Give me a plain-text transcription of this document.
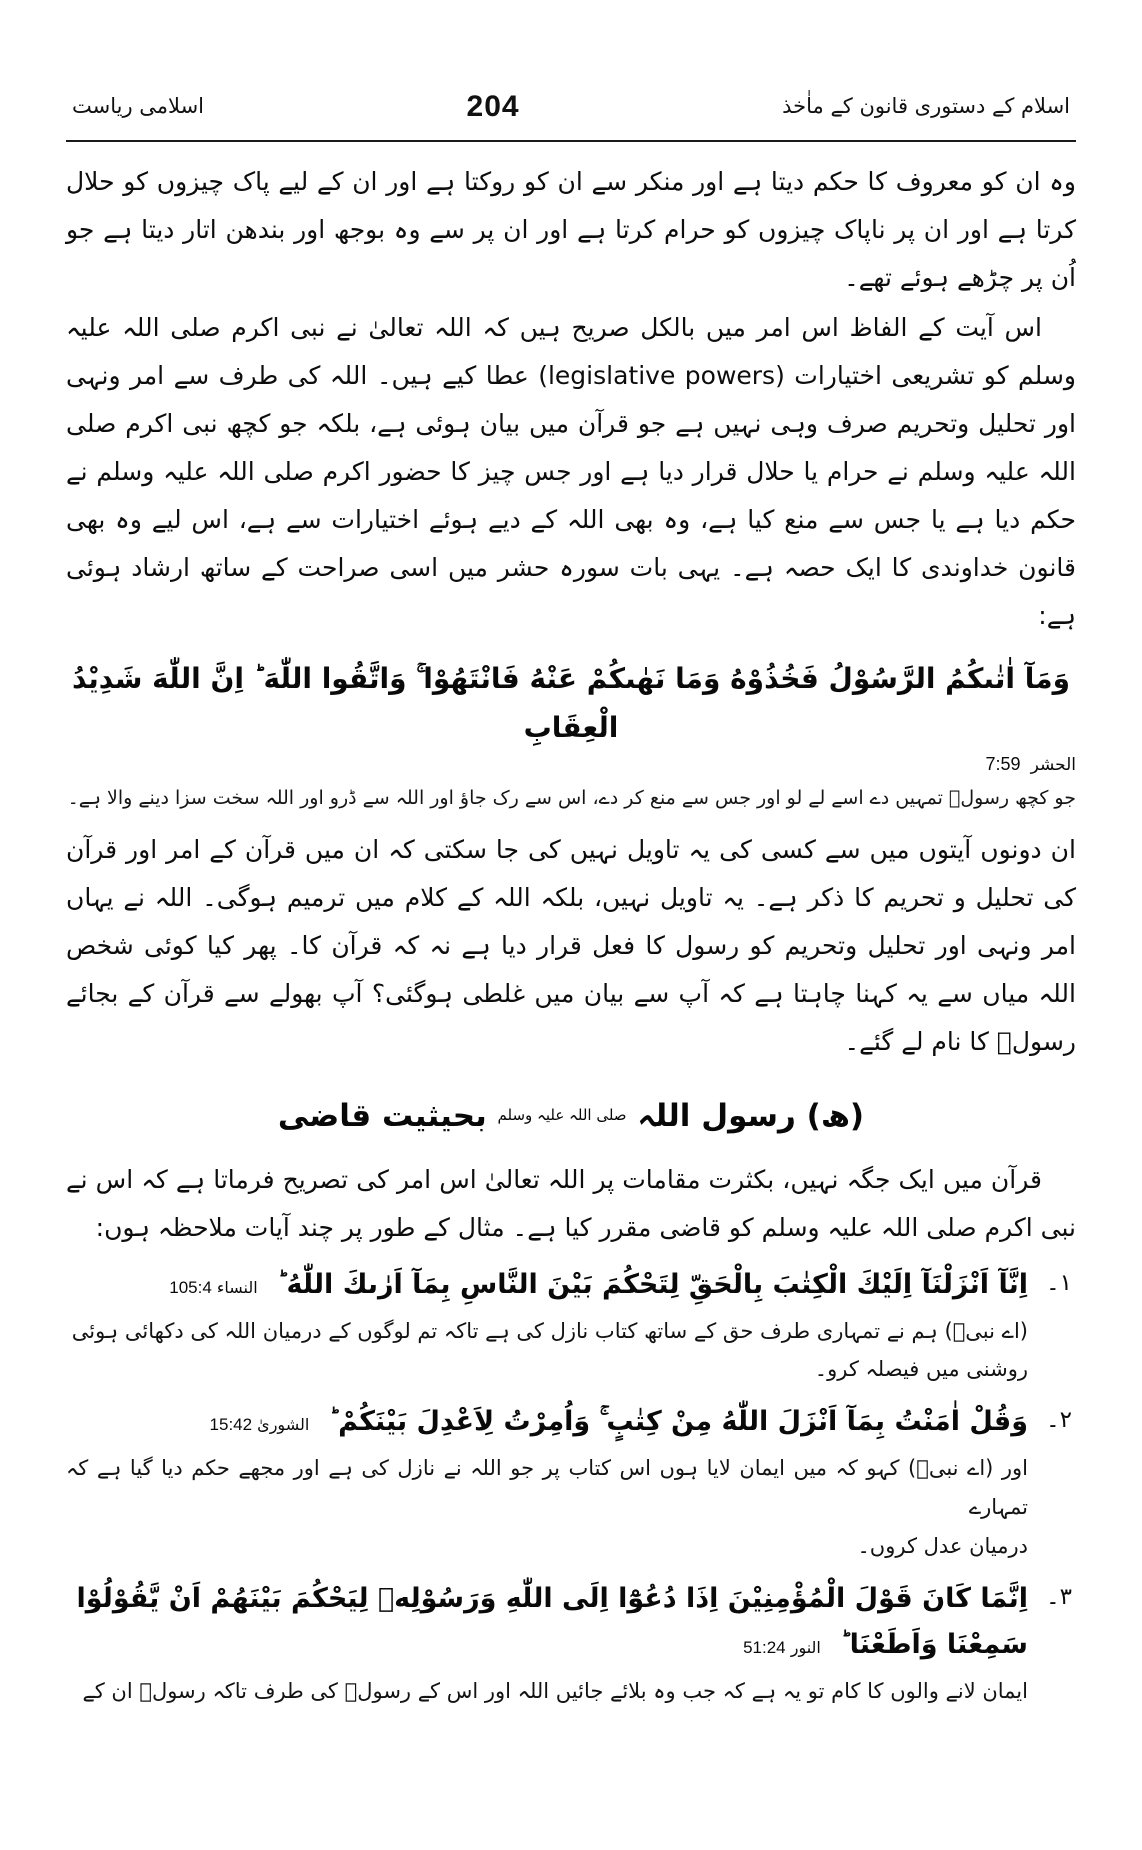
اسلام کے دستوری قانون کے ماٰخذ
204
اسلامی ریاست

وہ ان کو معروف کا حکم دیتا ہے اور منکر سے ان کو روکتا ہے اور ان کے لیے پاک چیزوں کو حلال کرتا ہے اور ان پر ناپاک چیزوں کو حرام کرتا ہے اور ان پر سے وہ بوجھ اور بندھن اتار دیتا ہے جو اُن پر چڑھے ہوئے تھے۔

اس آیت کے الفاظ اس امر میں بالکل صریح ہیں کہ اللہ تعالیٰ نے نبی اکرم صلی اللہ علیہ وسلم کو تشریعی اختیارات (legislative powers) عطا کیے ہیں۔ اللہ کی طرف سے امر ونہی اور تحلیل وتحریم صرف وہی نہیں ہے جو قرآن میں بیان ہوئی ہے، بلکہ جو کچھ نبی اکرم صلی اللہ علیہ وسلم نے حرام یا حلال قرار دیا ہے اور جس چیز کا حضور اکرم صلی اللہ علیہ وسلم نے حکم دیا ہے یا جس سے منع کیا ہے، وہ بھی اللہ کے دیے ہوئے اختیارات سے ہے، اس لیے وہ بھی قانون خداوندی کا ایک حصہ ہے۔ یہی بات سورہ حشر میں اسی صراحت کے ساتھ ارشاد ہوئی ہے:

وَمَآ اٰتٰىكُمُ الرَّسُوْلُ فَخُذُوْهُ وَمَا نَهٰىكُمْ عَنْهُ فَانْتَهُوْا ۚ وَاتَّقُوا اللّٰهَ ؕ اِنَّ اللّٰهَ شَدِيْدُ الْعِقَابِ
الحشر
7:59
جو کچھ رسولؐ تمہیں دے اسے لے لو اور جس سے منع کر دے، اس سے رک جاؤ اور اللہ سے ڈرو اور اللہ سخت سزا دینے والا ہے۔

ان دونوں آیتوں میں سے کسی کی یہ تاویل نہیں کی جا سکتی کہ ان میں قرآن کے امر اور قرآن کی تحلیل و تحریم کا ذکر ہے۔ یہ تاویل نہیں، بلکہ اللہ کے کلام میں ترمیم ہوگی۔ اللہ نے یہاں امر ونہی اور تحلیل وتحریم کو رسول کا فعل قرار دیا ہے نہ کہ قرآن کا۔ پھر کیا کوئی شخص اللہ میاں سے یہ کہنا چاہتا ہے کہ آپ سے بیان میں غلطی ہوگئی؟ آپ بھولے سے قرآن کے بجائے رسولؐ کا نام لے گئے۔

(ھ) رسول اللہ صلی اللہ علیہ وسلم بحیثیت قاضی

قرآن میں ایک جگہ نہیں، بکثرت مقامات پر اللہ تعالیٰ اس امر کی تصریح فرماتا ہے کہ اس نے نبی اکرم صلی اللہ علیہ وسلم کو قاضی مقرر کیا ہے۔ مثال کے طور پر چند آیات ملاحظہ ہوں:

۱۔
اِنَّآ اَنْزَلْنَآ اِلَيْكَ الْكِتٰبَ بِالْحَقِّ لِتَحْكُمَ بَيْنَ النَّاسِ بِمَآ اَرٰىكَ اللّٰهُ ؕ النساء 105:4
(اے نبیؐ) ہم نے تمہاری طرف حق کے ساتھ کتاب نازل کی ہے تاکہ تم لوگوں کے درمیان اللہ کی دکھائی ہوئی
روشنی میں فیصلہ کرو۔
۲۔
وَقُلْ اٰمَنْتُ بِمَآ اَنْزَلَ اللّٰهُ مِنْ كِتٰبٍ ۚ وَاُمِرْتُ لِاَعْدِلَ بَيْنَكُمْ ؕ الشوریٰ 15:42
اور (اے نبیؐ) کہو کہ میں ایمان لایا ہوں اس کتاب پر جو اللہ نے نازل کی ہے اور مجھے حکم دیا گیا ہے کہ تمہارے
درمیان عدل کروں۔
۳۔
اِنَّمَا كَانَ قَوْلَ الْمُؤْمِنِيْنَ اِذَا دُعُوْٓا اِلَى اللّٰهِ وَرَسُوْلِهٖ لِيَحْكُمَ بَيْنَهُمْ اَنْ يَّقُوْلُوْا سَمِعْنَا وَاَطَعْنَا ؕ النور 51:24
ایمان لانے والوں کا کام تو یہ ہے کہ جب وہ بلائے جائیں اللہ اور اس کے رسولؐ کی طرف تاکہ رسولؐ ان کے
